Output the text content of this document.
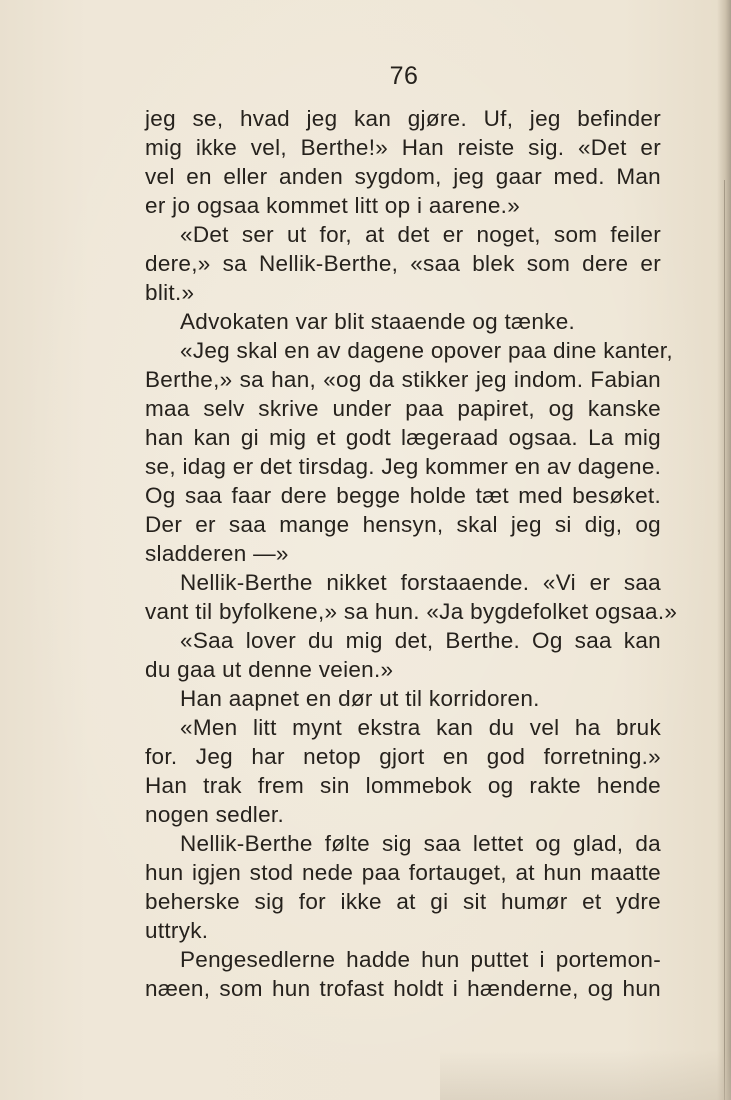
76
jeg se, hvad jeg kan gjøre. Uf, jeg befinder
mig ikke vel, Berthe!» Han reiste sig. «Det er
vel en eller anden sygdom, jeg gaar med. Man
er jo ogsaa kommet litt op i aarene.»
«Det ser ut for, at det er noget, som feiler
dere,» sa Nellik-Berthe, «saa blek som dere er
blit.»
Advokaten var blit staaende og tænke.
«Jeg skal en av dagene opover paa dine kanter,
Berthe,» sa han, «og da stikker jeg indom. Fabian
maa selv skrive under paa papiret, og kanske
han kan gi mig et godt lægeraad ogsaa. La mig
se, idag er det tirsdag. Jeg kommer en av dagene.
Og saa faar dere begge holde tæt med besøket.
Der er saa mange hensyn, skal jeg si dig, og
sladderen —»
Nellik-Berthe nikket forstaaende. «Vi er saa
vant til byfolkene,» sa hun. «Ja bygdefolket ogsaa.»
«Saa lover du mig det, Berthe. Og saa kan
du gaa ut denne veien.»
Han aapnet en dør ut til korridoren.
«Men litt mynt ekstra kan du vel ha bruk
for. Jeg har netop gjort en god forretning.»
Han trak frem sin lommebok og rakte hende
nogen sedler.
Nellik-Berthe følte sig saa lettet og glad, da
hun igjen stod nede paa fortauget, at hun maatte
beherske sig for ikke at gi sit humør et ydre
uttryk.
Pengesedlerne hadde hun puttet i portemon-
næen, som hun trofast holdt i hænderne, og hun
